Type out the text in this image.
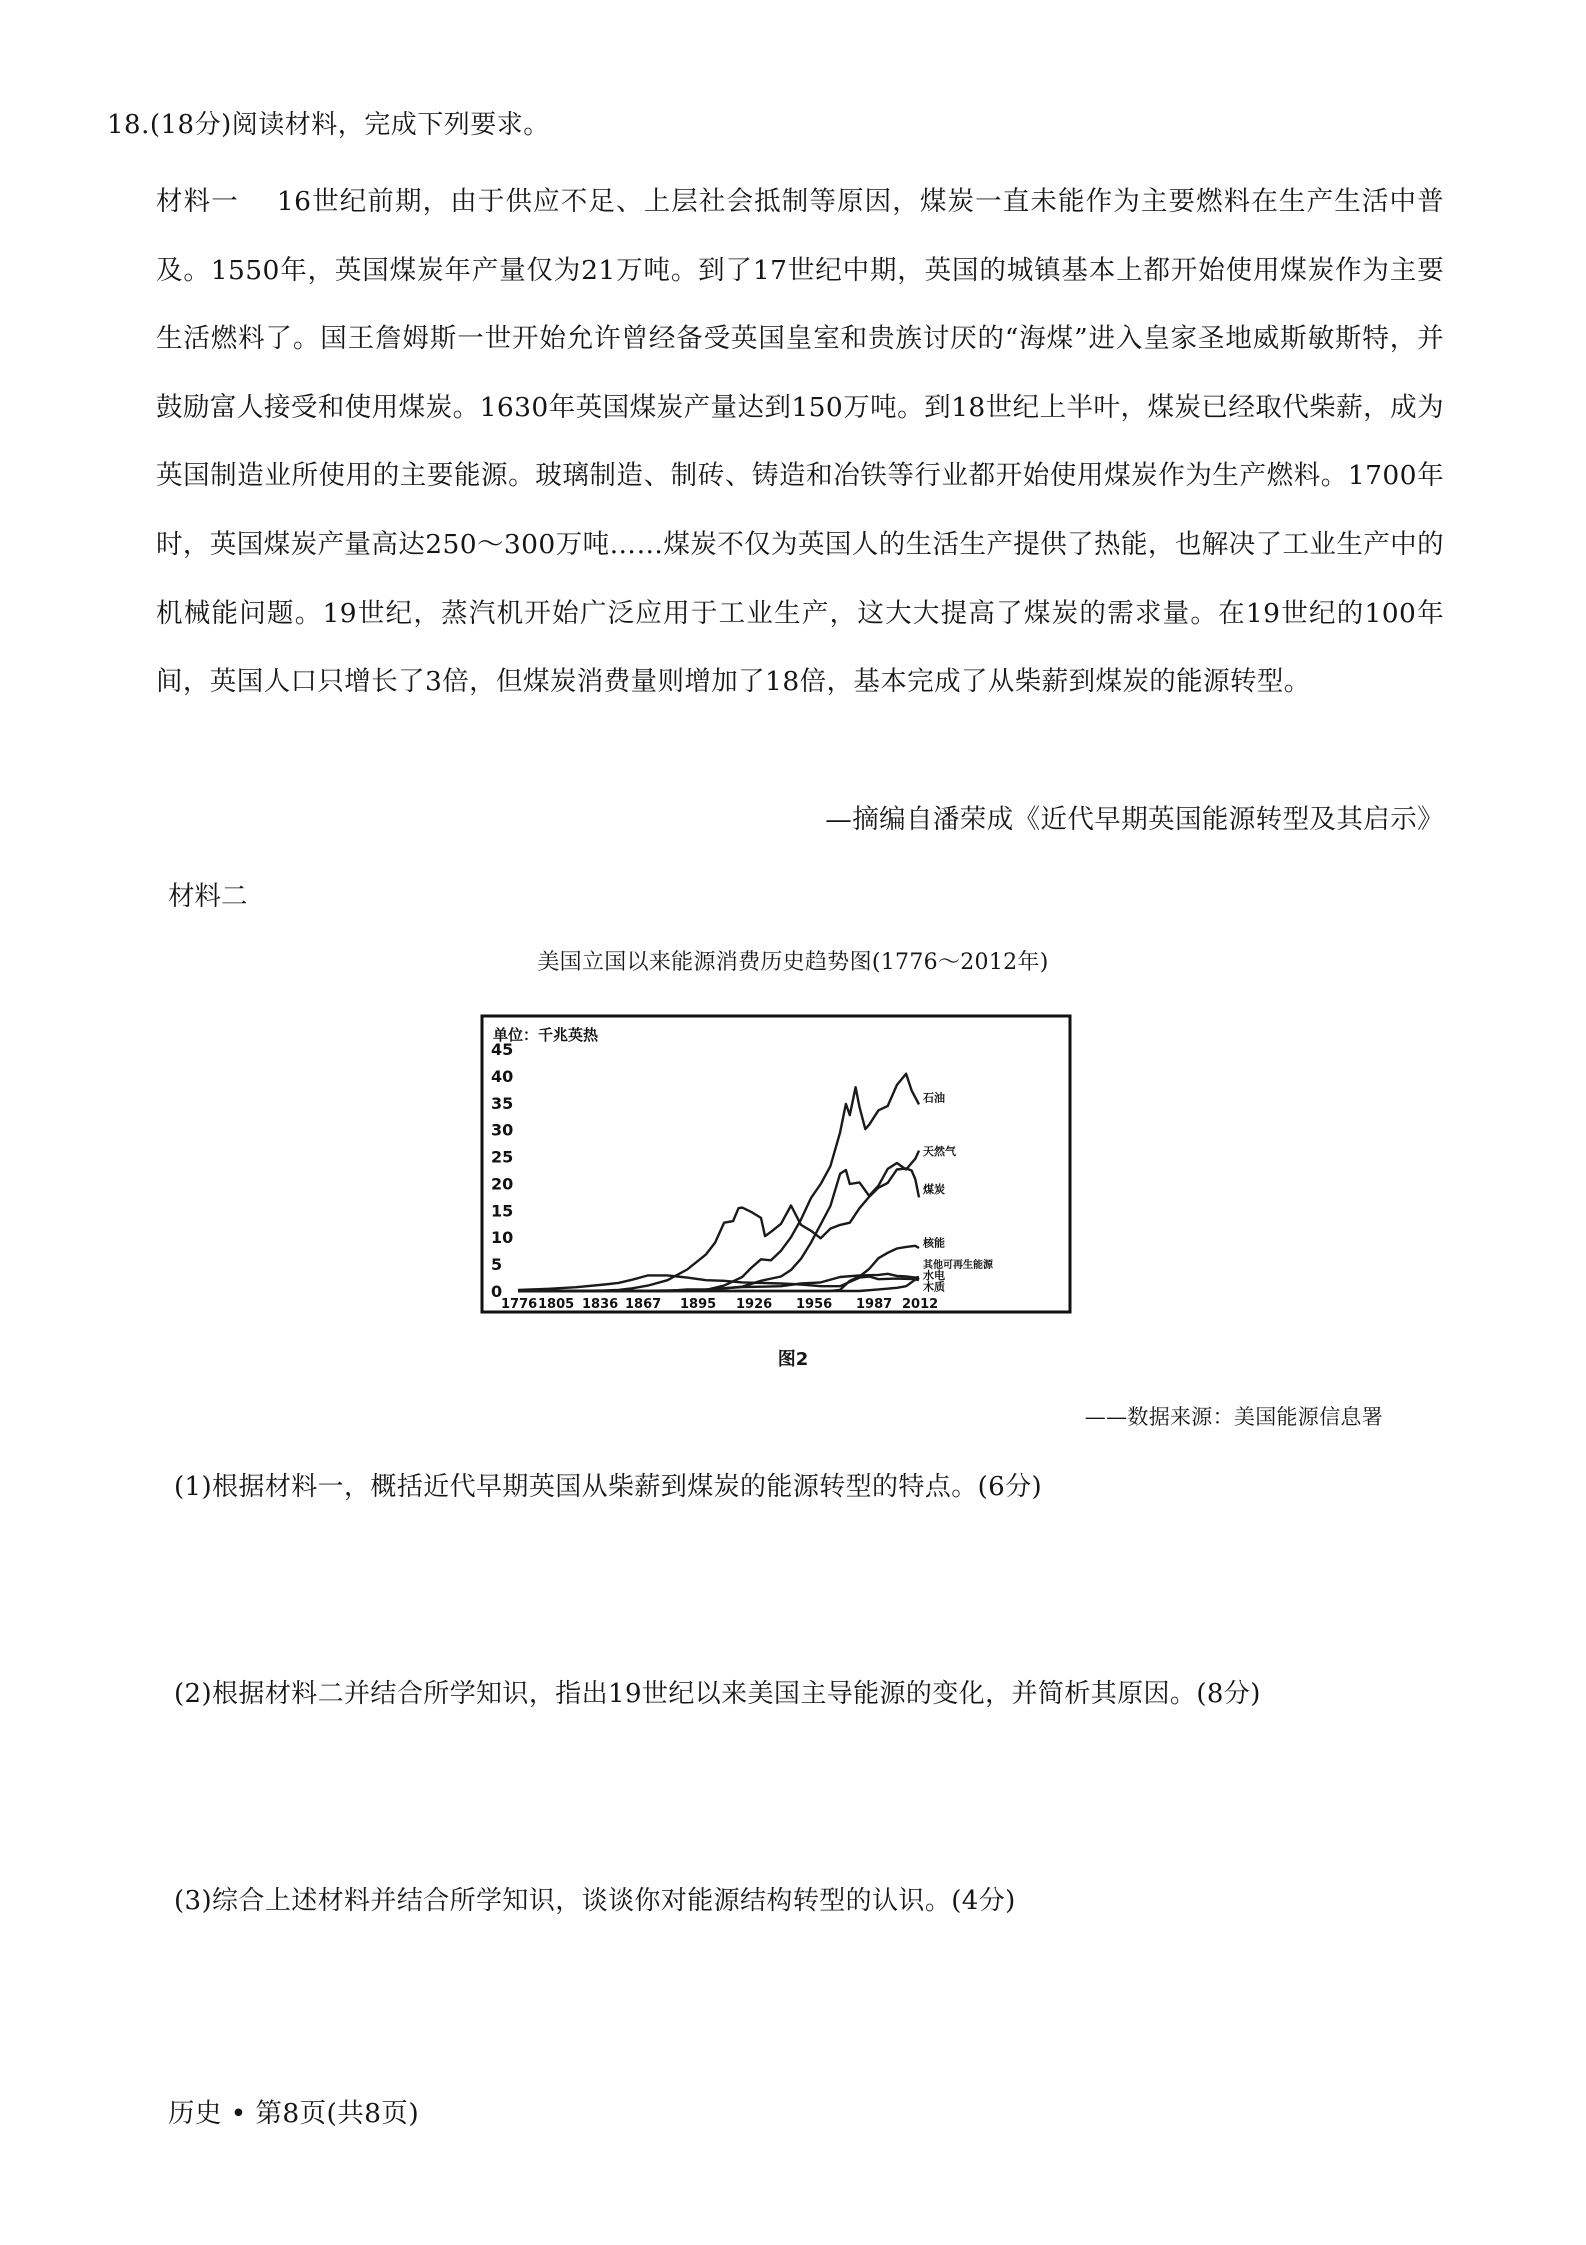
18.(18分)阅读材料，完成下列要求。
材料一 16世纪前期，由于供应不足、上层社会抵制等原因，煤炭一直未能作为主要燃料在生产生活中普及。1550年，英国煤炭年产量仅为21万吨。到了17世纪中期，英国的城镇基本上都开始使用煤炭作为主要生活燃料了。国王詹姆斯一世开始允许曾经备受英国皇室和贵族讨厌的“海煤”进入皇家圣地威斯敏斯特，并鼓励富人接受和使用煤炭。1630年英国煤炭产量达到150万吨。到18世纪上半叶，煤炭已经取代柴薪，成为英国制造业所使用的主要能源。玻璃制造、制砖、铸造和冶铁等行业都开始使用煤炭作为生产燃料。1700年时，英国煤炭产量高达250～300万吨……煤炭不仅为英国人的生活生产提供了热能，也解决了工业生产中的机械能问题。19世纪，蒸汽机开始广泛应用于工业生产，这大大提高了煤炭的需求量。在19世纪的100年间，英国人口只增长了3倍，但煤炭消费量则增加了18倍，基本完成了从柴薪到煤炭的能源转型。
—摘编自潘荣成《近代早期英国能源转型及其启示》
材料二
美国立国以来能源消费历史趋势图(1776～2012年)
单位：千兆英热
0
5
10
15
20
25
30
35
40
45
1776 1805 1836 1867 1895 1926 1956 1987 2012
石油
天然气
煤炭
核能
其他可再生能源
水电
木质
图2
——数据来源：美国能源信息署
(1)根据材料一，概括近代早期英国从柴薪到煤炭的能源转型的特点。(6分)
(2)根据材料二并结合所学知识，指出19世纪以来美国主导能源的变化，并简析其原因。(8分)
(3)综合上述材料并结合所学知识，谈谈你对能源结构转型的认识。(4分)
历史 • 第8页(共8页)
